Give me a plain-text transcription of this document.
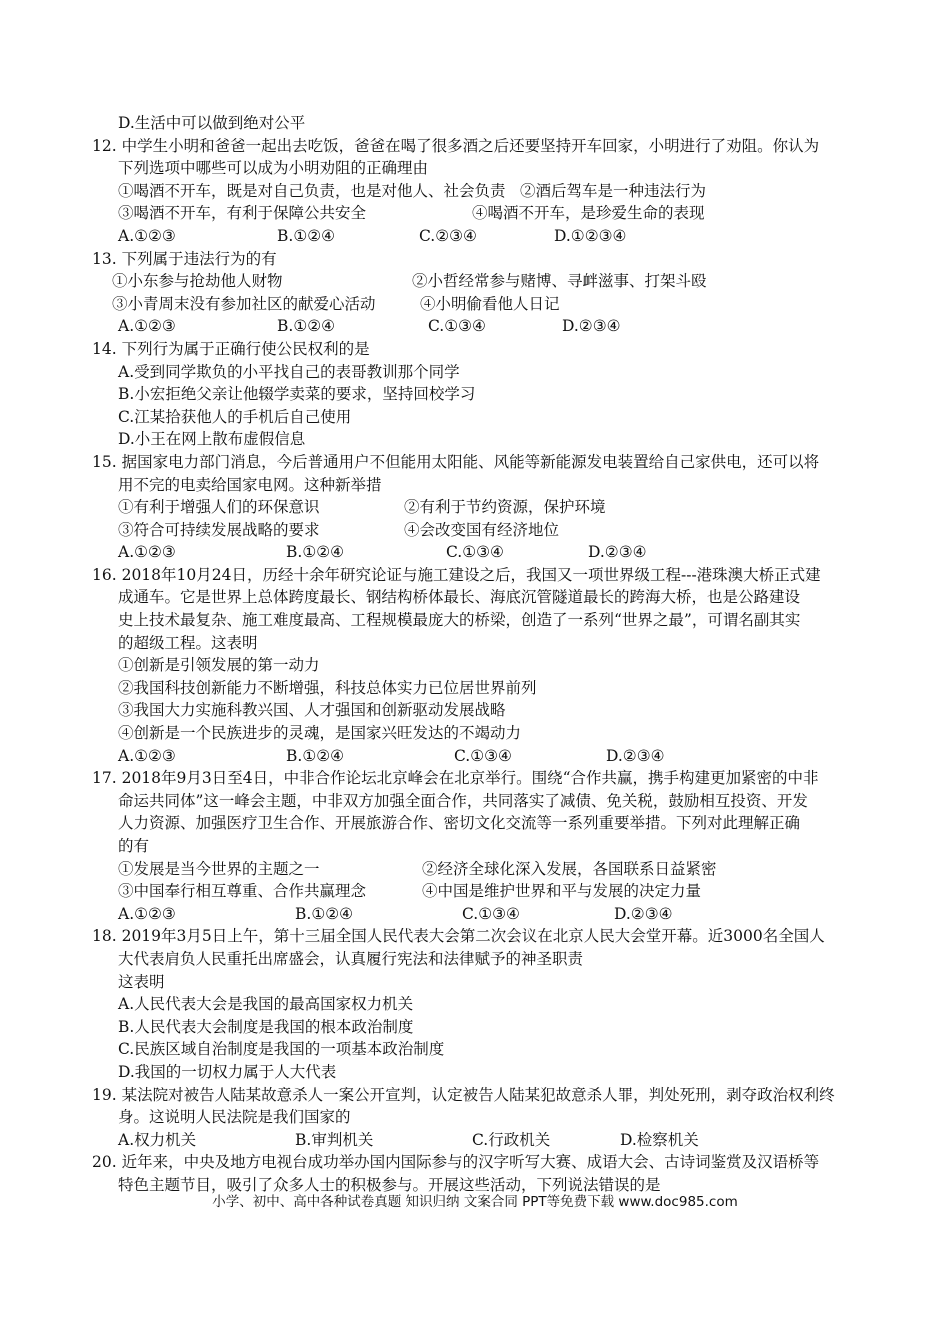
D.生活中可以做到绝对公平
12. 中学生小明和爸爸一起出去吃饭，爸爸在喝了很多酒之后还要坚持开车回家，小明进行了劝阻。你认为
下列选项中哪些可以成为小明劝阻的正确理由
①喝酒不开车，既是对自己负责，也是对他人、社会负责 ②酒后驾车是一种违法行为
③喝酒不开车，有利于保障公共安全	④喝酒不开车，是珍爱生命的表现
A.①②③	B.①②④	C.②③④	D.①②③④
13. 下列属于违法行为的有
①小东参与抢劫他人财物	②小哲经常参与赌博、寻衅滋事、打架斗殴
③小青周末没有参加社区的献爱心活动	④小明偷看他人日记
A.①②③	B.①②④	C.①③④	D.②③④
14. 下列行为属于正确行使公民权利的是
A.受到同学欺负的小平找自己的表哥教训那个同学
B.小宏拒绝父亲让他辍学卖菜的要求，坚持回校学习
C.江某拾获他人的手机后自己使用
D.小王在网上散布虚假信息
15. 据国家电力部门消息，今后普通用户不但能用太阳能、风能等新能源发电装置给自己家供电，还可以将
用不完的电卖给国家电网。这种新举措
①有利于增强人们的环保意识	②有利于节约资源，保护环境
③符合可持续发展战略的要求	④会改变国有经济地位
A.①②③	B.①②④	C.①③④	D.②③④
16. 2018年10月24日，历经十余年研究论证与施工建设之后，我国又一项世界级工程---港珠澳大桥正式建
成通车。它是世界上总体跨度最长、钢结构桥体最长、海底沉管隧道最长的跨海大桥，也是公路建设
史上技术最复杂、施工难度最高、工程规模最庞大的桥梁，创造了一系列“世界之最”，可谓名副其实
的超级工程。这表明
①创新是引领发展的第一动力
②我国科技创新能力不断增强，科技总体实力已位居世界前列
③我国大力实施科教兴国、人才强国和创新驱动发展战略
④创新是一个民族进步的灵魂，是国家兴旺发达的不竭动力
A.①②③	B.①②④	C.①③④	D.②③④
17. 2018年9月3日至4日，中非合作论坛北京峰会在北京举行。围绕“合作共赢，携手构建更加紧密的中非
命运共同体”这一峰会主题，中非双方加强全面合作，共同落实了减债、免关税，鼓励相互投资、开发
人力资源、加强医疗卫生合作、开展旅游合作、密切文化交流等一系列重要举措。下列对此理解正确
的有
①发展是当今世界的主题之一	②经济全球化深入发展，各国联系日益紧密
③中国奉行相互尊重、合作共赢理念	④中国是维护世界和平与发展的决定力量
A.①②③	B.①②④	C.①③④	D.②③④
18. 2019年3月5日上午，第十三届全国人民代表大会第二次会议在北京人民大会堂开幕。近3000名全国人
大代表肩负人民重托出席盛会，认真履行宪法和法律赋予的神圣职责
这表明
A.人民代表大会是我国的最高国家权力机关
B.人民代表大会制度是我国的根本政治制度
C.民族区域自治制度是我国的一项基本政治制度
D.我国的一切权力属于人大代表
19. 某法院对被告人陆某故意杀人一案公开宣判，认定被告人陆某犯故意杀人罪，判处死刑，剥夺政治权利终
身。这说明人民法院是我们国家的
A.权力机关	B.审判机关	C.行政机关	D.检察机关
20. 近年来，中央及地方电视台成功举办国内国际参与的汉字听写大赛、成语大会、古诗词鉴赏及汉语桥等
特色主题节目，吸引了众多人士的积极参与。开展这些活动，下列说法错误的是
小学、初中、高中各种试卷真题 知识归纳 文案合同 PPT等免费下载 www.doc985.com
